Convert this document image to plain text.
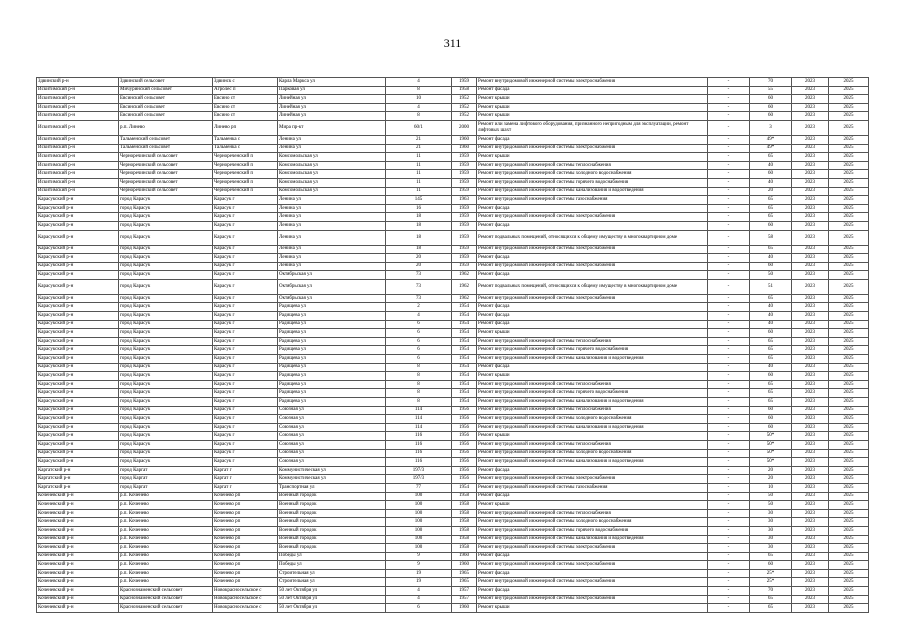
311
Здвинский р-н	Здвинский сельсовет	Здвинск с	Карла Маркса ул	4	1959	Ремонт внутридомовой инженерной системы электроснабжения	-	70	2023	2025
Искитимский р-н	Мичуринский сельсовет	Агролес п	Парковая ул	8	1958	Ремонт фасада	-	55	2023	2025
Искитимский р-н	Евсинский сельсовет	Евсино ст	Линейная ул	10	1952	Ремонт крыши	-	60	2023	2025
Искитимский р-н	Евсинский сельсовет	Евсино ст	Линейная ул	4	1952	Ремонт крыши	-	60	2023	2025
Искитимский р-н	Евсинский сельсовет	Евсино ст	Линейная ул	8	1952	Ремонт крыши	-	60	2023	2025
Искитимский р-н	р.п. Линево	Линево рп	Мира пр-кт	60/1	2000	Ремонт или замена лифтового оборудования, признанного непригодным для эксплуатации, ремонт лифтовых шахт	-	3	2023	2025
Искитимский р-н	Тальменский сельсовет	Тальменка с	Ленина ул	21	1960	Ремонт фасада	-	49*	2023	2025
Искитимский р-н	Тальменский сельсовет	Тальменка с	Ленина ул	21	1960	Ремонт внутридомовой инженерной системы электроснабжения	-	49*	2023	2025
Искитимский р-н	Черноречинский сельсовет	Чернореченский п	Комсомольская ул	11	1959	Ремонт крыши	-	65	2023	2025
Искитимский р-н	Черноречинский сельсовет	Чернореченский п	Комсомольская ул	11	1959	Ремонт внутридомовой инженерной системы теплоснабжения	-	40	2023	2025
Искитимский р-н	Черноречинский сельсовет	Чернореченский п	Комсомольская ул	11	1959	Ремонт внутридомовой инженерной системы холодного водоснабжения	-	60	2023	2025
Искитимский р-н	Черноречинский сельсовет	Чернореченский п	Комсомольская ул	11	1959	Ремонт внутридомовой инженерной системы горячего водоснабжения	-	40	2023	2025
Искитимский р-н	Черноречинский сельсовет	Чернореченский п	Комсомольская ул	11	1959	Ремонт внутридомовой инженерной системы канализования и водоотведения	-	20	2023	2025
Карасукский р-н	город Карасук	Карасук г	Ленина ул	145	1963	Ремонт внутридомовой инженерной системы газоснабжения	-	65	2023	2025
Карасукский р-н	город Карасук	Карасук г	Ленина ул	16	1959	Ремонт фасада	-	65	2023	2025
Карасукский р-н	город Карасук	Карасук г	Ленина ул	18	1959	Ремонт внутридомовой инженерной системы электроснабжения	-	65	2023	2025
Карасукский р-н	город Карасук	Карасук г	Ленина ул	18	1959	Ремонт фасада	-	60	2023	2025
Карасукский р-н	город Карасук	Карасук г	Ленина ул	18	1959	Ремонт подвальных помещений, относящихся к общему имуществу в многоквартирном доме	-	58	2023	2025
Карасукский р-н	город Карасук	Карасук г	Ленина ул	18	1959	Ремонт внутридомовой инженерной системы электроснабжения	-	65	2023	2025
Карасукский р-н	город Карасук	Карасук г	Ленина ул	20	1959	Ремонт фасада	-	40	2023	2025
Карасукский р-н	город Карасук	Карасук г	Ленина ул	20	1959	Ремонт внутридомовой инженерной системы электроснабжения	-	60	2023	2025
Карасукский р-н	город Карасук	Карасук г	Октябрьская ул	73	1962	Ремонт фасада	-	50	2023	2025
Карасукский р-н	город Карасук	Карасук г	Октябрьская ул	73	1962	Ремонт подвальных помещений, относящихся к общему имуществу в многоквартирном доме	-	51	2023	2025
Карасукский р-н	город Карасук	Карасук г	Октябрьская ул	73	1962	Ремонт внутридомовой инженерной системы электроснабжения	-	65	2023	2025
Карасукский р-н	город Карасук	Карасук г	Радищева ул	2	1954	Ремонт фасада	-	40	2023	2025
Карасукский р-н	город Карасук	Карасук г	Радищева ул	4	1954	Ремонт фасада	-	40	2023	2025
Карасукский р-н	город Карасук	Карасук г	Радищева ул	6	1954	Ремонт фасада	-	40	2023	2025
Карасукский р-н	город Карасук	Карасук г	Радищева ул	6	1954	Ремонт крыши	-	60	2023	2025
Карасукский р-н	город Карасук	Карасук г	Радищева ул	6	1954	Ремонт внутридомовой инженерной системы теплоснабжения	-	65	2023	2025
Карасукский р-н	город Карасук	Карасук г	Радищева ул	6	1954	Ремонт внутридомовой инженерной системы горячего водоснабжения	-	65	2023	2025
Карасукский р-н	город Карасук	Карасук г	Радищева ул	6	1954	Ремонт внутридомовой инженерной системы канализования и водоотведения	-	65	2023	2025
Карасукский р-н	город Карасук	Карасук г	Радищева ул	8	1954	Ремонт фасада	-	40	2023	2025
Карасукский р-н	город Карасук	Карасук г	Радищева ул	8	1954	Ремонт крыши	-	60	2023	2025
Карасукский р-н	город Карасук	Карасук г	Радищева ул	8	1954	Ремонт внутридомовой инженерной системы теплоснабжения	-	65	2023	2025
Карасукский р-н	город Карасук	Карасук г	Радищева ул	8	1954	Ремонт внутридомовой инженерной системы горячего водоснабжения	-	65	2023	2025
Карасукский р-н	город Карасук	Карасук г	Радищева ул	8	1954	Ремонт внутридомовой инженерной системы канализования и водоотведения	-	65	2023	2025
Карасукский р-н	город Карасук	Карасук г	Союзная ул	114	1956	Ремонт внутридомовой инженерной системы теплоснабжения	-	60	2023	2025
Карасукский р-н	город Карасук	Карасук г	Союзная ул	114	1956	Ремонт внутридомовой инженерной системы холодного водоснабжения	-	60	2023	2025
Карасукский р-н	город Карасук	Карасук г	Союзная ул	114	1956	Ремонт внутридомовой инженерной системы канализования и водоотведения	-	60	2023	2025
Карасукский р-н	город Карасук	Карасук г	Союзная ул	116	1956	Ремонт крыши	-	50*	2023	2025
Карасукский р-н	город Карасук	Карасук г	Союзная ул	116	1956	Ремонт внутридомовой инженерной системы теплоснабжения	-	50*	2023	2025
Карасукский р-н	город Карасук	Карасук г	Союзная ул	116	1956	Ремонт внутридомовой инженерной системы холодного водоснабжения	-	50*	2023	2025
Карасукский р-н	город Карасук	Карасук г	Союзная ул	116	1956	Ремонт внутридомовой инженерной системы канализования и водоотведения	-	50*	2023	2025
Каргатский р-н	город Каргат	Каргат г	Коммунистическая ул	197/3	1956	Ремонт фасада	-	20	2023	2025
Каргатский р-н	город Каргат	Каргат г	Коммунистическая ул	197/3	1956	Ремонт внутридомовой инженерной системы электроснабжения	-	20	2023	2025
Каргатский р-н	город Каргат	Каргат г	Транспортная ул	77	1954	Ремонт внутридомовой инженерной системы газоснабжения	-	10	2023	2025
Коченевский р-н	р.п. Коченево	Коченево рп	Военный городок	100	1958	Ремонт фасада	-	50	2023	2025
Коченевский р-н	р.п. Коченево	Коченево рп	Военный городок	100	1958	Ремонт крыши	-	50	2023	2025
Коченевский р-н	р.п. Коченево	Коченево рп	Военный городок	100	1958	Ремонт внутридомовой инженерной системы теплоснабжения	-	30	2023	2025
Коченевский р-н	р.п. Коченево	Коченево рп	Военный городок	100	1958	Ремонт внутридомовой инженерной системы холодного водоснабжения	-	30	2023	2025
Коченевский р-н	р.п. Коченево	Коченево рп	Военный городок	100	1958	Ремонт внутридомовой инженерной системы горячего водоснабжения	-	30	2023	2025
Коченевский р-н	р.п. Коченево	Коченево рп	Военный городок	100	1958	Ремонт внутридомовой инженерной системы канализования и водоотведения	-	30	2023	2025
Коченевский р-н	р.п. Коченево	Коченево рп	Военный городок	100	1958	Ремонт внутридомовой инженерной системы электроснабжения	-	30	2023	2025
Коченевский р-н	р.п. Коченево	Коченево рп	Победы ул	9	1960	Ремонт фасада	-	65	2023	2025
Коченевский р-н	р.п. Коченево	Коченево рп	Победы ул	9	1960	Ремонт внутридомовой инженерной системы электроснабжения	-	60	2023	2025
Коченевский р-н	р.п. Коченево	Коченево рп	Строительная ул	19	1965	Ремонт фасада	-	25*	2023	2025
Коченевский р-н	р.п. Коченево	Коченево рп	Строительная ул	19	1965	Ремонт внутридомовой инженерной системы электроснабжения	-	25*	2023	2025
Коченевский р-н	Краснознаменский сельсовет	Новокрасносельское с	50 лет Октября ул	4	1957	Ремонт фасада	-	70	2023	2025
Коченевский р-н	Краснознаменский сельсовет	Новокрасносельское с	50 лет Октября ул	4	1957	Ремонт внутридомовой инженерной системы электроснабжения	-	65	2023	2025
Коченевский р-н	Краснознаменский сельсовет	Новокрасносельское с	50 лет Октября ул	6	1960	Ремонт крыши	-	65	2023	2025
